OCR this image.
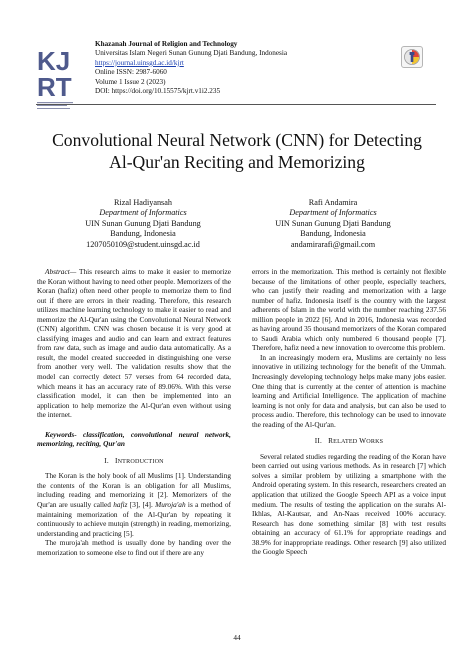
KJ
RT
Khazanah Journal of Religion and Technology
Universitas Islam Negeri Sunan Gunung Djati Bandung, Indonesia
https://journal.uinsgd.ac.id/kjrt
Online ISSN: 2987-6060
Volume 1 Issue 2 (2023)
DOI: https://doi.org/10.15575/kjrt.v1i2.235
Convolutional Neural Network (CNN) for Detecting
Al-Qur'an Reciting and Memorizing
Rizal Hadiyansah
Department of Informatics
UIN Sunan Gunung Djati Bandung
Bandung, Indonesia
1207050109@student.uinsgd.ac.id
Rafi Andamira
Department of Informatics
UIN Sunan Gunung Djati Bandung
Bandung, Indonesia
andamirarafi@gmail.com

Abstract— This research aims to make it easier to memorize the Koran without having to need other people. Memorizers of the Koran (hafiz) often need other people to memorize them to find out if there are errors in their reading. Therefore, this research utilizes machine learning technology to make it easier to read and memorize the Al-Qur'an using the Convolutional Neural Network (CNN) algorithm. CNN was chosen because it is very good at classifying images and audio and can learn and extract features from raw data, such as image and audio data automatically. As a result, the model created succeeded in distinguishing one verse from another very well. The validation results show that the model can correctly detect 57 verses from 64 recorded data, which means it has an accuracy rate of 89.06%. With this verse classification model, it can then be implemented into an application to help memorize the Al-Qur'an even without using the internet.

Keywords- classification, convolutional neural network, memorizing, reciting, Qur'an

I. INTRODUCTION

The Koran is the holy book of all Muslims [1]. Understanding the contents of the Koran is an obligation for all Muslims, including reading and memorizing it [2]. Memorizers of the Qur'an are usually called hafiz [3], [4]. Muroja'ah is a method of maintaining memorization of the Al-Qur'an by repeating it continuously to achieve mutqin (strength) in reading, memorizing, understanding and practicing [5].

The muroja'ah method is usually done by handing over the memorization to someone else to find out if there are any

errors in the memorization. This method is certainly not flexible because of the limitations of other people, especially teachers, who can justify their reading and memorization with a large number of hafiz. Indonesia itself is the country with the largest adherents of Islam in the world with the number reaching 237.56 million people in 2022 [6]. And in 2016, Indonesia was recorded as having around 35 thousand memorizers of the Koran compared to Saudi Arabia which only numbered 6 thousand people [7]. Therefore, hafiz need a new innovation to overcome this problem.

In an increasingly modern era, Muslims are certainly no less innovative in utilizing technology for the benefit of the Ummah. Increasingly developing technology helps make many jobs easier. One thing that is currently at the center of attention is machine learning and Artificial Intelligence. The application of machine learning is not only for data and analysis, but can also be used to process audio. Therefore, this technology can be used to innovate the reading of the Al-Qur'an.

II. RELATED WORKS

Several related studies regarding the reading of the Koran have been carried out using various methods. As in research [7] which solves a similar problem by utilizing a smartphone with the Android operating system. In this research, researchers created an application that utilized the Google Speech API as a voice input medium. The results of testing the application on the surahs Al-Ikhlas, Al-Kautsar, and An-Naas received 100% accuracy. Research has done something similar [8] with test results obtaining an accuracy of 61.1% for appropriate readings and 38.9% for inappropriate readings. Other research [9] also utilized the Google Speech

44
